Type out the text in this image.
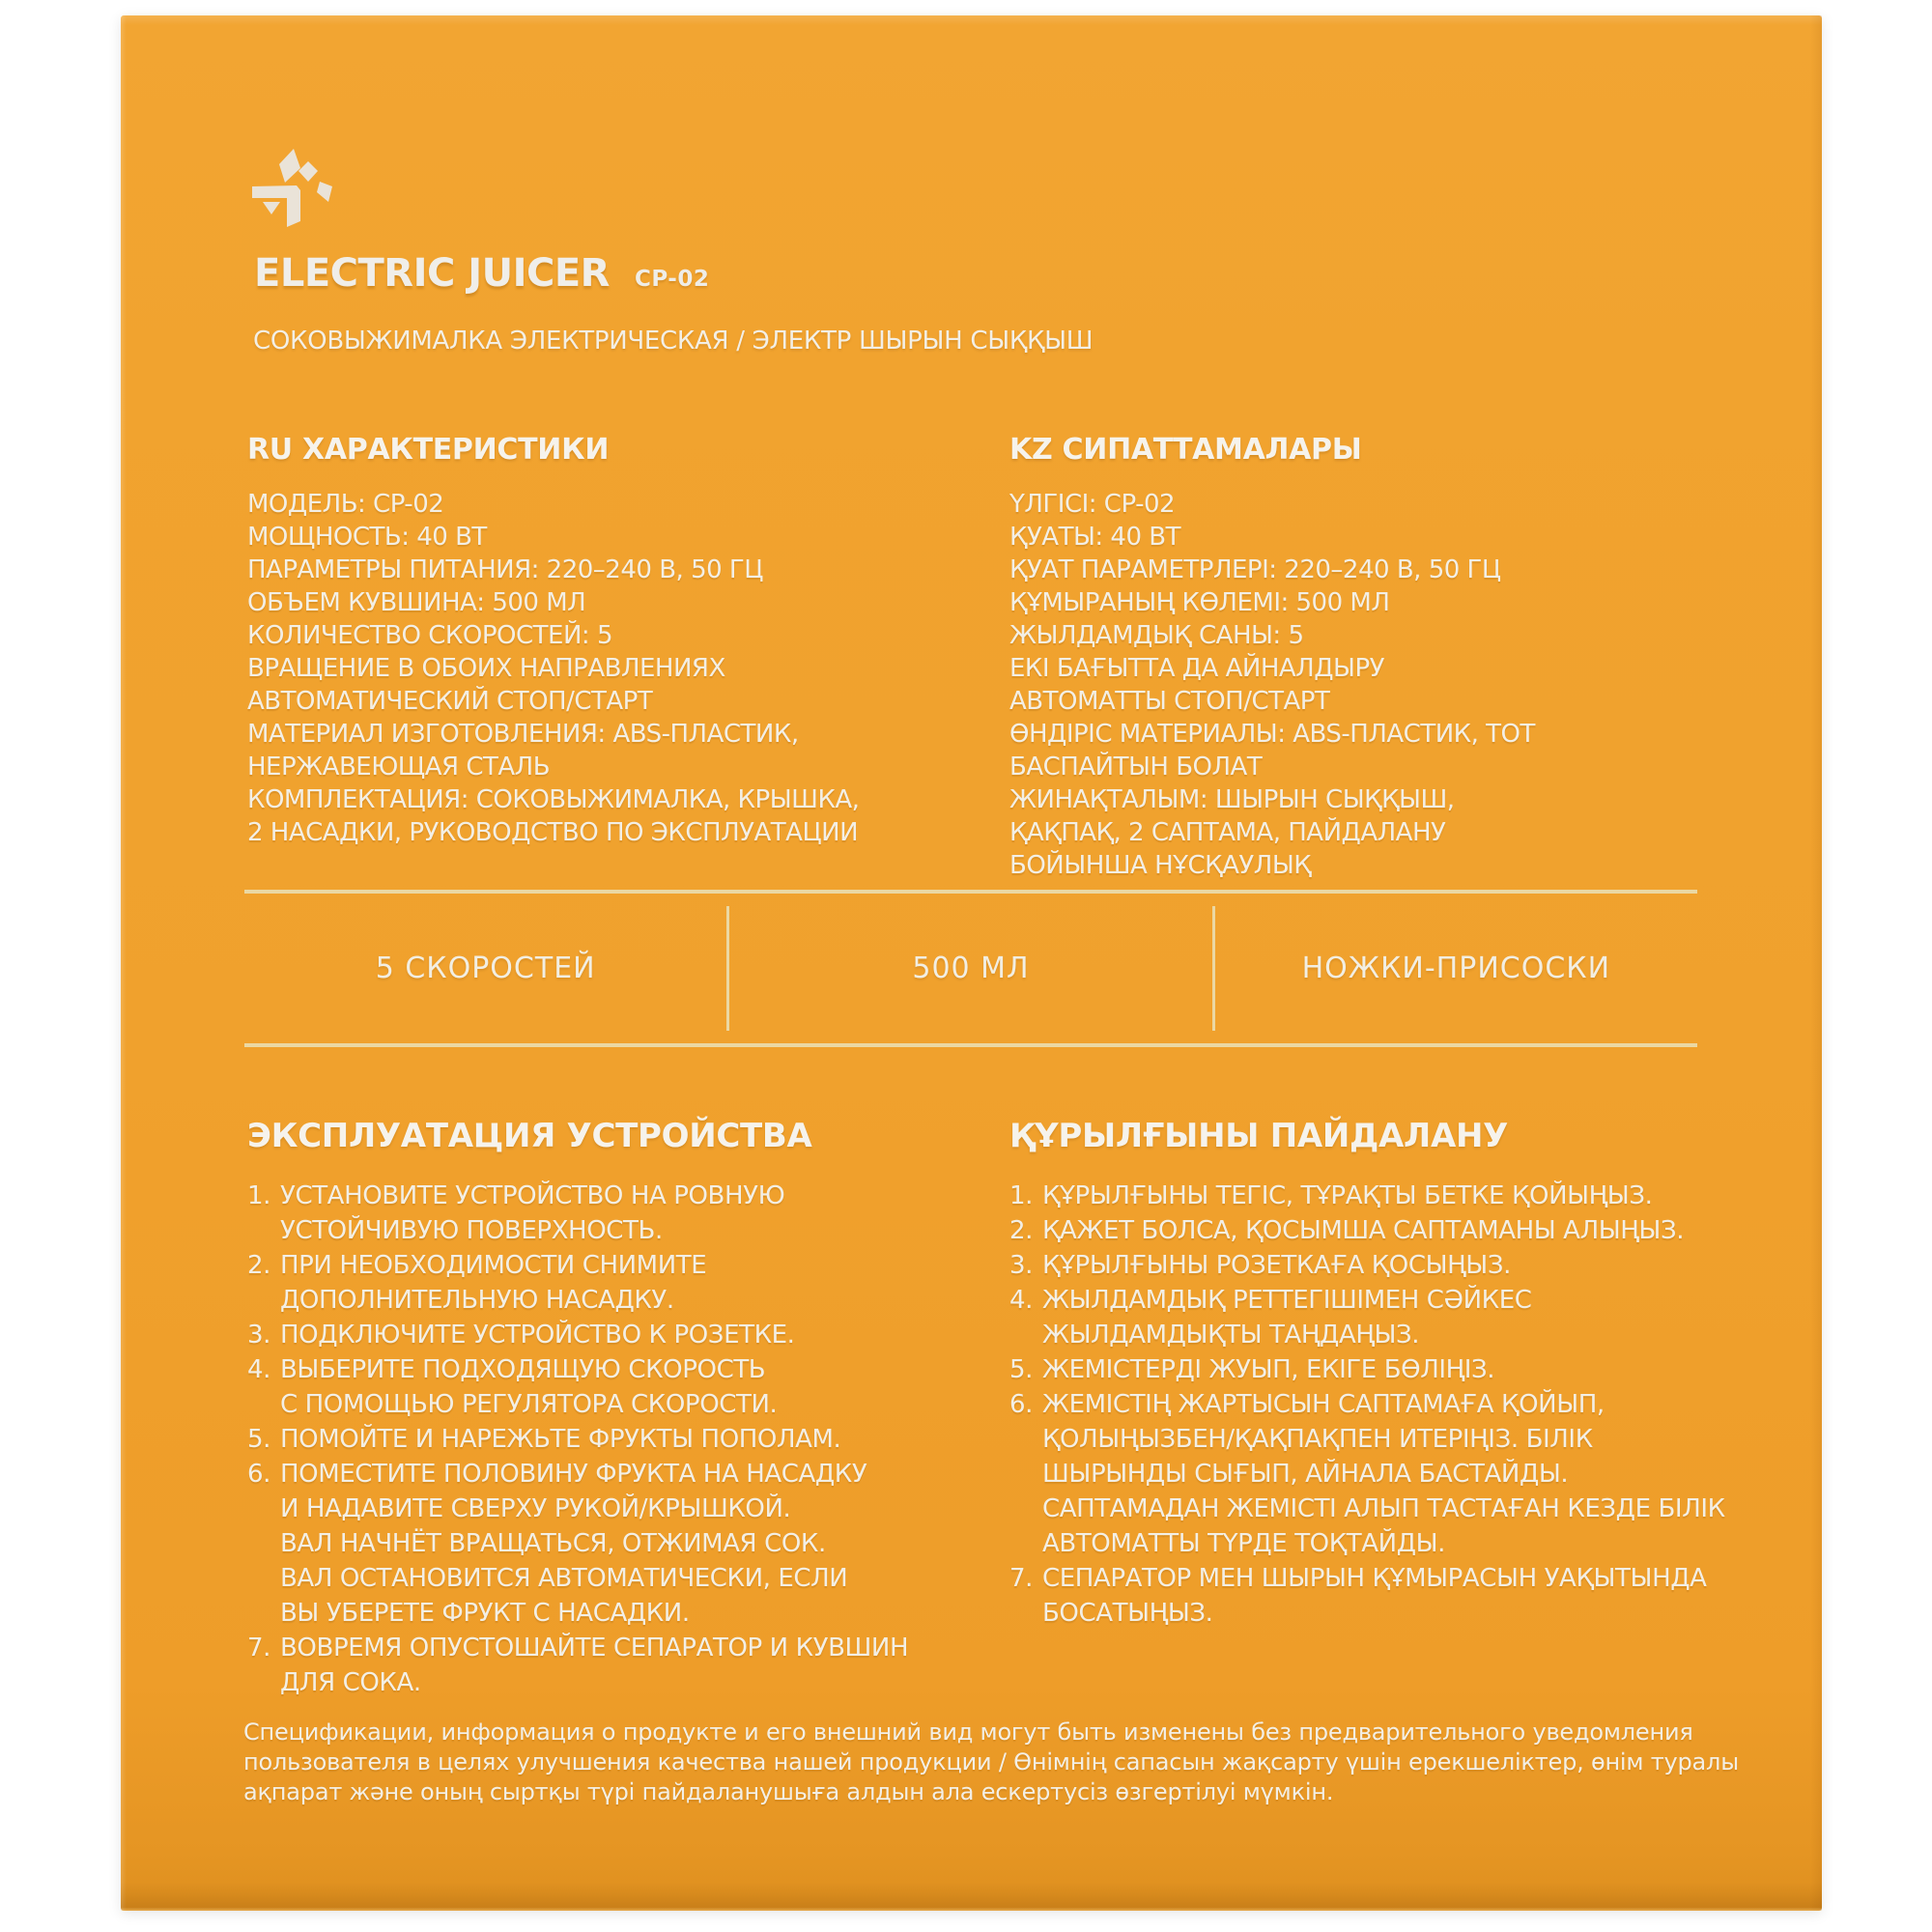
ELECTRIC JUICER CP-02
СОКОВЫЖИМАЛКА ЭЛЕКТРИЧЕСКАЯ / ЭЛЕКТР ШЫРЫН СЫҚҚЫШ
RU ХАРАКТЕРИСТИКИ
МОДЕЛЬ: CP-02
МОЩНОСТЬ: 40 ВТ
ПАРАМЕТРЫ ПИТАНИЯ: 220–240 В, 50 ГЦ
ОБЪЕМ КУВШИНА: 500 МЛ
КОЛИЧЕСТВО СКОРОСТЕЙ: 5
ВРАЩЕНИЕ В ОБОИХ НАПРАВЛЕНИЯХ
АВТОМАТИЧЕСКИЙ СТОП/СТАРТ
МАТЕРИАЛ ИЗГОТОВЛЕНИЯ: ABS-ПЛАСТИК,
НЕРЖАВЕЮЩАЯ СТАЛЬ
КОМПЛЕКТАЦИЯ: СОКОВЫЖИМАЛКА, КРЫШКА,
2 НАСАДКИ, РУКОВОДСТВО ПО ЭКСПЛУАТАЦИИ
KZ СИПАТТАМАЛАРЫ
ҮЛГІСІ: CP-02
ҚУАТЫ: 40 ВТ
ҚУАТ ПАРАМЕТРЛЕРІ: 220–240 В, 50 ГЦ
ҚҰМЫРАНЫҢ КӨЛЕМІ: 500 МЛ
ЖЫЛДАМДЫҚ САНЫ: 5
ЕКІ БАҒЫТТА ДА АЙНАЛДЫРУ
АВТОМАТТЫ СТОП/СТАРТ
ӨНДІРІС МАТЕРИАЛЫ: ABS-ПЛАСТИК, ТОТ
БАСПАЙТЫН БОЛАТ
ЖИНАҚТАЛЫМ: ШЫРЫН СЫҚҚЫШ,
ҚАҚПАҚ, 2 САПТАМА, ПАЙДАЛАНУ
БОЙЫНША НҰСҚАУЛЫҚ
5 СКОРОСТЕЙ	500 МЛ	НОЖКИ-ПРИСОСКИ
ЭКСПЛУАТАЦИЯ УСТРОЙСТВА
1. УСТАНОВИТЕ УСТРОЙСТВО НА РОВНУЮ
УСТОЙЧИВУЮ ПОВЕРХНОСТЬ.
2. ПРИ НЕОБХОДИМОСТИ СНИМИТЕ
ДОПОЛНИТЕЛЬНУЮ НАСАДКУ.
3. ПОДКЛЮЧИТЕ УСТРОЙСТВО К РОЗЕТКЕ.
4. ВЫБЕРИТЕ ПОДХОДЯЩУЮ СКОРОСТЬ
С ПОМОЩЬЮ РЕГУЛЯТОРА СКОРОСТИ.
5. ПОМОЙТЕ И НАРЕЖЬТЕ ФРУКТЫ ПОПОЛАМ.
6. ПОМЕСТИТЕ ПОЛОВИНУ ФРУКТА НА НАСАДКУ
И НАДАВИТЕ СВЕРХУ РУКОЙ/КРЫШКОЙ.
ВАЛ НАЧНЁТ ВРАЩАТЬСЯ, ОТЖИМАЯ СОК.
ВАЛ ОСТАНОВИТСЯ АВТОМАТИЧЕСКИ, ЕСЛИ
ВЫ УБЕРЕТЕ ФРУКТ С НАСАДКИ.
7. ВОВРЕМЯ ОПУСТОШАЙТЕ СЕПАРАТОР И КУВШИН
ДЛЯ СОКА.
ҚҰРЫЛҒЫНЫ ПАЙДАЛАНУ
1. ҚҰРЫЛҒЫНЫ ТЕГІС, ТҰРАҚТЫ БЕТКЕ ҚОЙЫҢЫЗ.
2. ҚАЖЕТ БОЛСА, ҚОСЫМША САПТАМАНЫ АЛЫҢЫЗ.
3. ҚҰРЫЛҒЫНЫ РОЗЕТКАҒА ҚОСЫҢЫЗ.
4. ЖЫЛДАМДЫҚ РЕТТЕГІШІМЕН СӘЙКЕС
ЖЫЛДАМДЫҚТЫ ТАҢДАҢЫЗ.
5. ЖЕМІСТЕРДІ ЖУЫП, ЕКІГЕ БӨЛІҢІЗ.
6. ЖЕМІСТІҢ ЖАРТЫСЫН САПТАМАҒА ҚОЙЫП,
ҚОЛЫҢЫЗБЕН/ҚАҚПАҚПЕН ИТЕРІҢІЗ. БІЛІК
ШЫРЫНДЫ СЫҒЫП, АЙНАЛА БАСТАЙДЫ.
САПТАМАДАН ЖЕМІСТІ АЛЫП ТАСТАҒАН КЕЗДЕ БІЛІК
АВТОМАТТЫ ТҮРДЕ ТОҚТАЙДЫ.
7. СЕПАРАТОР МЕН ШЫРЫН ҚҰМЫРАСЫН УАҚЫТЫНДА
БОСАТЫҢЫЗ.
Спецификации, информация о продукте и его внешний вид могут быть изменены без предварительного уведомления
пользователя в целях улучшения качества нашей продукции / Өнімнің сапасын жақсарту үшін ерекшеліктер, өнім туралы
ақпарат және оның сыртқы түрі пайдаланушыға алдын ала ескертусіз өзгертілуі мүмкін.
